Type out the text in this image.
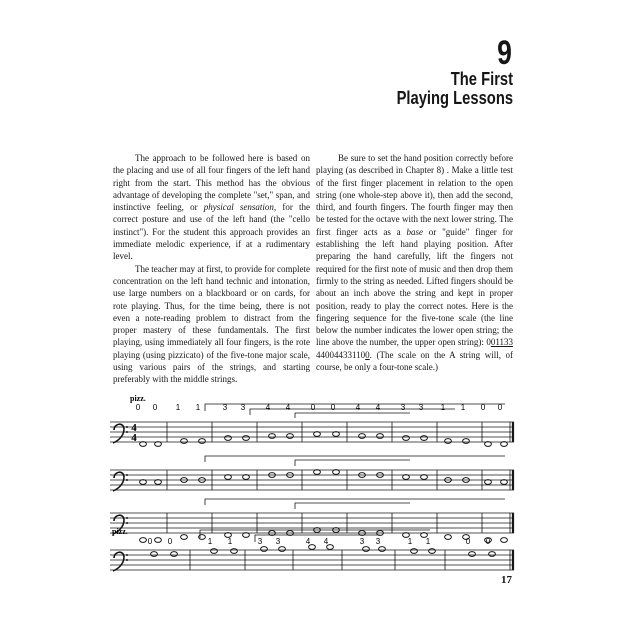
9
The First
Playing Lessons

The approach to be followed here is based on the placing and use of all four fingers of the left hand right from the start. This method has the obvious advantage of developing the complete "set," span, and instinctive feeling, or physical sensation, for the correct posture and use of the left hand (the "cello instinct"). For the student this approach provides an immediate melodic experience, if at a rudimentary level.

The teacher may at first, to provide for complete concentration on the left hand technic and intonation, use large numbers on a blackboard or on cards, for rote playing. Thus, for the time being, there is not even a note-reading problem to distract from the proper mastery of these fundamentals. The first playing, using immediately all four fingers, is the rote playing (using pizzicato) of the five-tone major scale, using various pairs of the strings, and starting preferably with the middle strings.

Be sure to set the hand position correctly before playing (as described in Chapter 8) . Make a little test of the first finger placement in relation to the open string (one whole-step above it), then add the second, third, and fourth fingers. The fourth finger may then be tested for the octave with the next lower string. The first finger acts as a base or "guide" finger for establishing the left hand playing position. After preparing the hand carefully, lift the fingers not required for the first note of music and then drop them firmly to the string as needed. Lifted fingers should be about an inch above the string and kept in proper position, ready to play the correct notes. Here is the fingering sequence for the five-tone scale (the line below the number indicates the lower open string; the line above the number, the upper open string): 001133 440044331100. (The scale on the A string will, of course, be only a four-tone scale.)

pizz.
0 0 1 1	3 3	4 4	0 0	4 4	3 3 1 1 0 0
4
4
pizz.
0 0	1 1	3 3	4 4	3 3	1 1	0 0
17
